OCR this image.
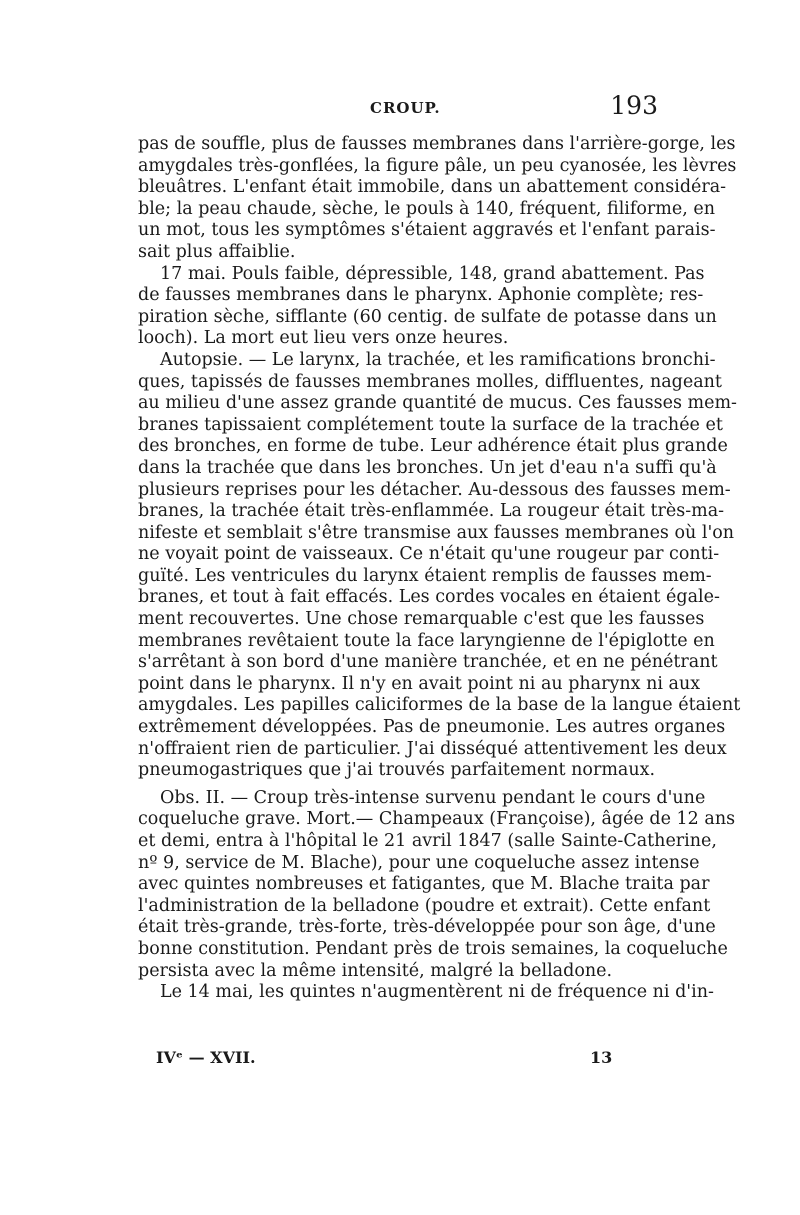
CROUP.	193
pas de souffle, plus de fausses membranes dans l'arrière-gorge, les
amygdales très-gonflées, la figure pâle, un peu cyanosée, les lèvres
bleuâtres. L'enfant était immobile, dans un abattement considéra-
ble; la peau chaude, sèche, le pouls à 140, fréquent, filiforme, en
un mot, tous les symptômes s'étaient aggravés et l'enfant parais-
sait plus affaiblie.
17 mai. Pouls faible, dépressible, 148, grand abattement. Pas
de fausses membranes dans le pharynx. Aphonie complète; res-
piration sèche, sifflante (60 centig. de sulfate de potasse dans un
looch). La mort eut lieu vers onze heures.
Autopsie. — Le larynx, la trachée, et les ramifications bronchi-
ques, tapissés de fausses membranes molles, diffluentes, nageant
au milieu d'une assez grande quantité de mucus. Ces fausses mem-
branes tapissaient complétement toute la surface de la trachée et
des bronches, en forme de tube. Leur adhérence était plus grande
dans la trachée que dans les bronches. Un jet d'eau n'a suffi qu'à
plusieurs reprises pour les détacher. Au-dessous des fausses mem-
branes, la trachée était très-enflammée. La rougeur était très-ma-
nifeste et semblait s'être transmise aux fausses membranes où l'on
ne voyait point de vaisseaux. Ce n'était qu'une rougeur par conti-
guïté. Les ventricules du larynx étaient remplis de fausses mem-
branes, et tout à fait effacés. Les cordes vocales en étaient égale-
ment recouvertes. Une chose remarquable c'est que les fausses
membranes revêtaient toute la face laryngienne de l'épiglotte en
s'arrêtant à son bord d'une manière tranchée, et en ne pénétrant
point dans le pharynx. Il n'y en avait point ni au pharynx ni aux
amygdales. Les papilles caliciformes de la base de la langue étaient
extrêmement développées. Pas de pneumonie. Les autres organes
n'offraient rien de particulier. J'ai disséqué attentivement les deux
pneumogastriques que j'ai trouvés parfaitement normaux.
Obs. II. — Croup très-intense survenu pendant le cours d'une
coqueluche grave. Mort.— Champeaux (Françoise), âgée de 12 ans
et demi, entra à l'hôpital le 21 avril 1847 (salle Sainte-Catherine,
nº 9, service de M. Blache), pour une coqueluche assez intense
avec quintes nombreuses et fatigantes, que M. Blache traita par
l'administration de la belladone (poudre et extrait). Cette enfant
était très-grande, très-forte, très-développée pour son âge, d'une
bonne constitution. Pendant près de trois semaines, la coqueluche
persista avec la même intensité, malgré la belladone.
Le 14 mai, les quintes n'augmentèrent ni de fréquence ni d'in-
IVᵉ — XVII.	13
